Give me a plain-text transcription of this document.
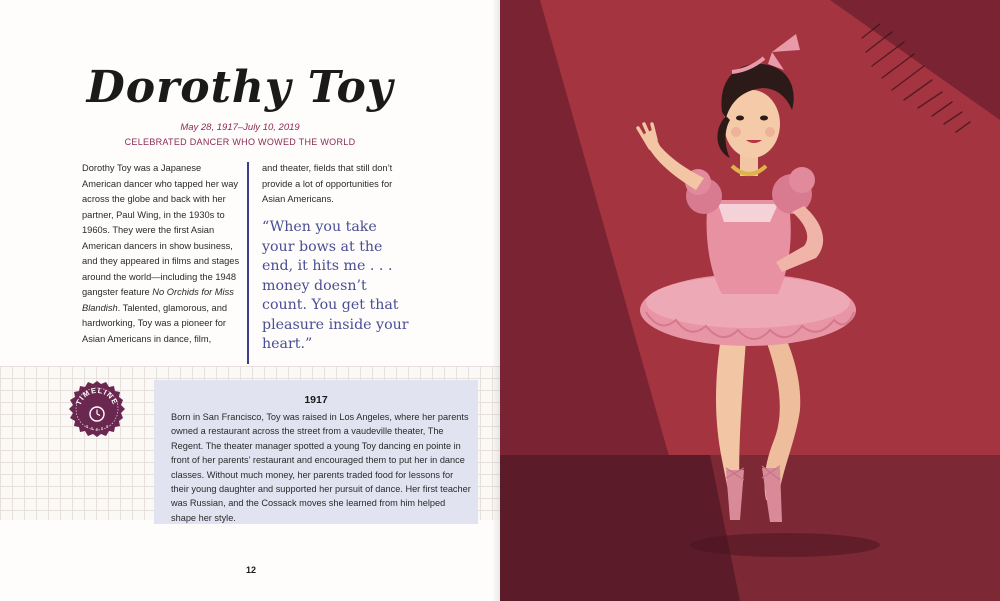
Dorothy Toy
May 28, 1917–July 10, 2019
CELEBRATED DANCER WHO WOWED THE WORLD
Dorothy Toy was a Japanese American dancer who tapped her way across the globe and back with her partner, Paul Wing, in the 1930s to 1960s. They were the first Asian American dancers in show business, and they appeared in films and stages around the world—including the 1948 gangster feature No Orchids for Miss Blandish. Talented, glamorous, and hardworking, Toy was a pioneer for Asian Americans in dance, film,
and theater, fields that still don’t provide a lot of opportunities for Asian Americans.
“When you take your bows at the end, it hits me . . . money doesn’t count. You get that pleasure inside your heart.”
TIMELINE	1917
Born in San Francisco, Toy was raised in Los Angeles, where her parents owned a restaurant across the street from a vaudeville theater, The Regent. The theater manager spotted a young Toy dancing en pointe in front of her parents’ restaurant and encouraged them to put her in dance classes. Without much money, her parents traded food for lessons for their young daughter and supported her pursuit of dance. Her first teacher was Russian, and the Cossack moves she learned from him helped shape her style.
12
